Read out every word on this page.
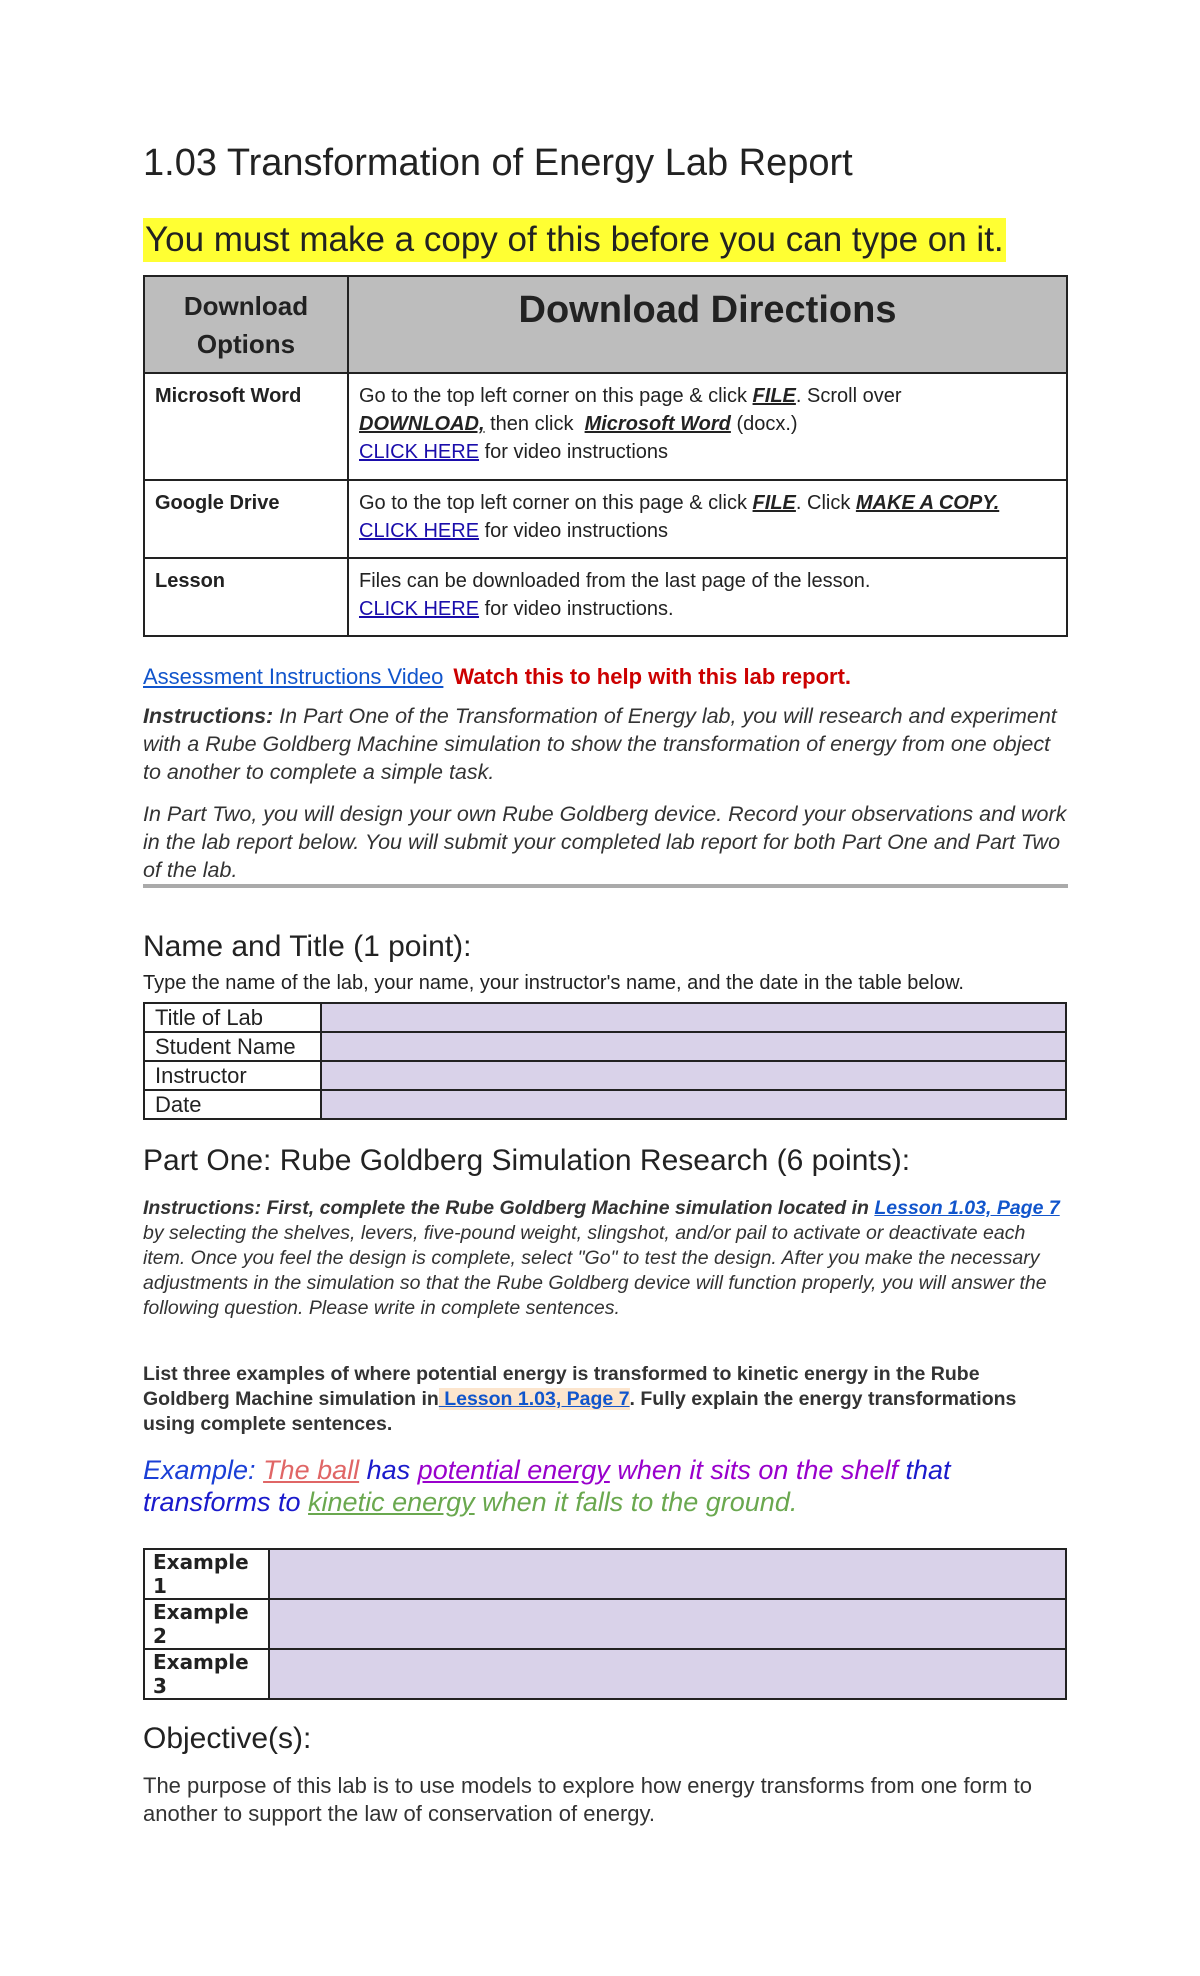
1.03 Transformation of Energy Lab Report
You must make a copy of this before you can type on it.
Download Options	Download Directions
Microsoft Word	Go to the top left corner on this page & click FILE. Scroll over
DOWNLOAD, then click  Microsoft Word (docx.)
CLICK HERE for video instructions
Google Drive	Go to the top left corner on this page & click FILE. Click MAKE A COPY. CLICK HERE for video instructions
Lesson	Files can be downloaded from the last page of the lesson.
CLICK HERE for video instructions.
Assessment Instructions Video Watch this to help with this lab report.
Instructions: In Part One of the Transformation of Energy lab, you will research and experiment with a Rube Goldberg Machine simulation to show the transformation of energy from one object to another to complete a simple task.
In Part Two, you will design your own Rube Goldberg device. Record your observations and work in the lab report below. You will submit your completed lab report for both Part One and Part Two of the lab.
Name and Title (1 point):
Type the name of the lab, your name, your instructor's name, and the date in the table below.
Title of Lab	
Student Name	
Instructor	
Date	
Part One: Rube Goldberg Simulation Research (6 points):
Instructions: First, complete the Rube Goldberg Machine simulation located in Lesson 1.03, Page 7 by selecting the shelves, levers, five-pound weight, slingshot, and/or pail to activate or deactivate each item. Once you feel the design is complete, select "Go" to test the design. After you make the necessary adjustments in the simulation so that the Rube Goldberg device will function properly, you will answer the following question. Please write in complete sentences.
List three examples of where potential energy is transformed to kinetic energy in the Rube Goldberg Machine simulation in Lesson 1.03, Page 7. Fully explain the energy transformations using complete sentences.
Example: The ball has potential energy when it sits on the shelf that transforms to kinetic energy when it falls to the ground.
Example 1	
Example 2	
Example 3	
Objective(s):
The purpose of this lab is to use models to explore how energy transforms from one form to another to support the law of conservation of energy.
